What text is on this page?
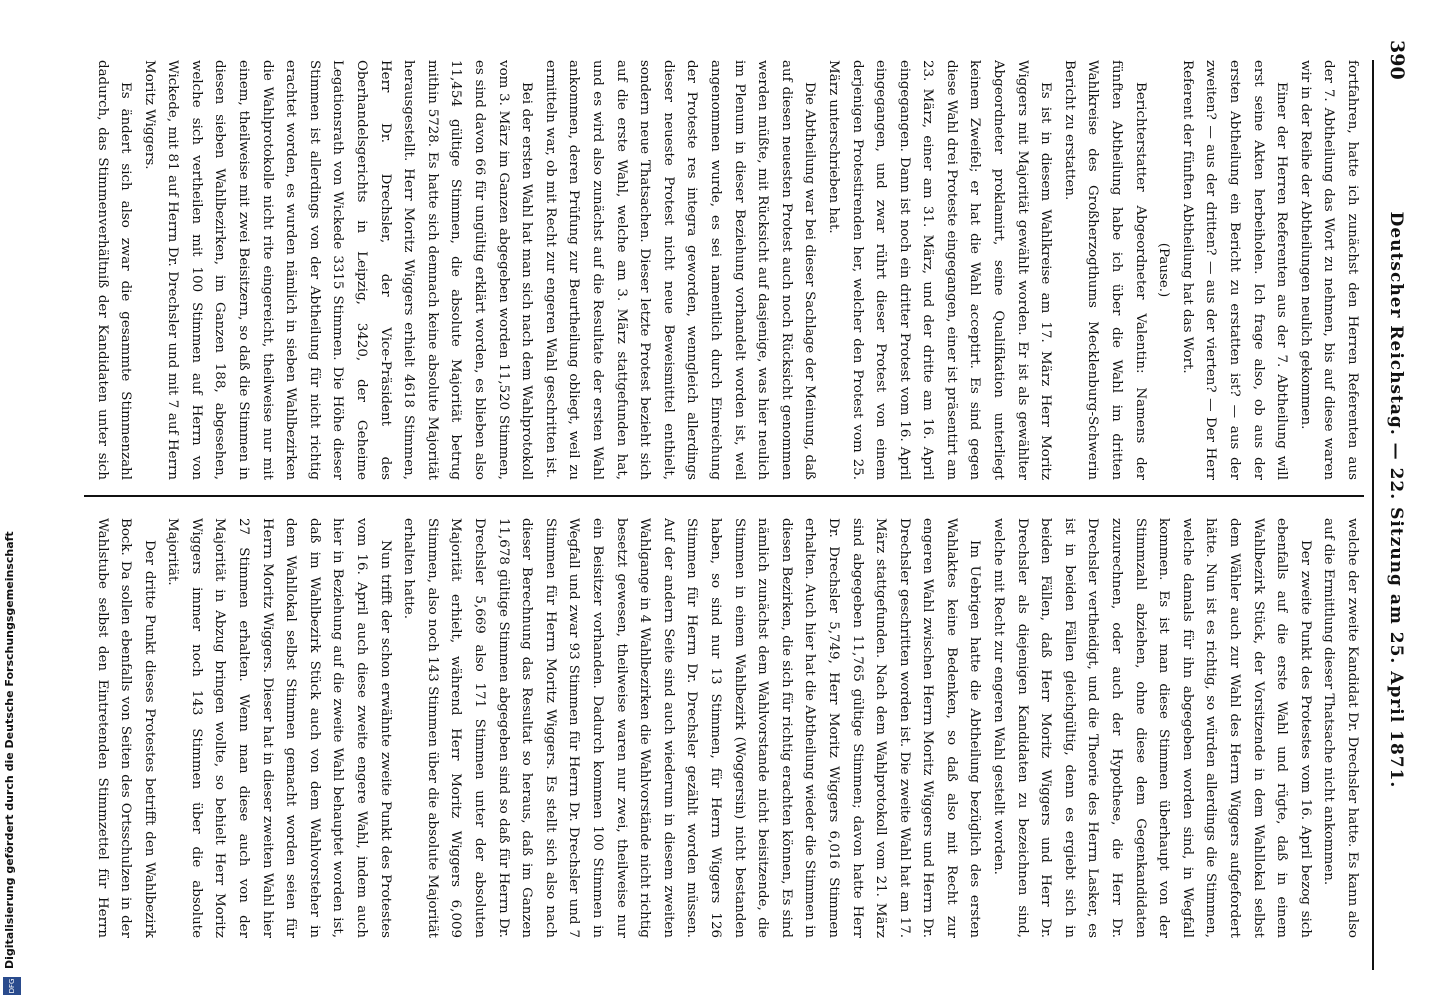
390
Deutscher Reichstag. — 22. Sitzung am 25. April 1871.

fortfahren, hatte ich zunächst den Herren Referenten aus der 7. Abtheilung das Wort zu nehmen, bis auf diese waren wir in der Reihe der Abtheilungen neulich gekommen.

Einer der Herren Referenten aus der 7. Abtheilung will erst seine Akten herbeiholen. Ich frage also, ob aus der ersten Abtheilung ein Bericht zu erstatten ist? — aus der zweiten? — aus der dritten? — aus der vierten? — Der Herr Referent der fünften Abtheilung hat das Wort.

(Pause.)

Berichterstatter Abgeordneter Valentin: Namens der fünften Abtheilung habe ich über die Wahl im dritten Wahlkreise des Großherzogthums Mecklenburg-Schwerin Bericht zu erstatten.

Es ist in diesem Wahlkreise am 17. März Herr Moritz Wiggers mit Majorität gewählt worden. Er ist als gewählter Abgeordneter proklamirt, seine Qualifikation unterliegt keinem Zweifel; er hat die Wahl acceptirt. Es sind gegen diese Wahl drei Proteste eingegangen, einer ist präsentirt am 23. März, einer am 31. März, und der dritte am 16. April eingegangen. Dann ist noch ein dritter Protest vom 16. April eingegangen, und zwar rührt dieser Protest von einem derjenigen Protestirenden her, welcher den Protest vom 25. März unterschrieben hat.

Die Abtheilung war bei dieser Sachlage der Meinung, daß auf diesen neuesten Protest auch noch Rücksicht genommen werden müßte, mit Rücksicht auf dasjenige, was hier neulich im Plenum in dieser Beziehung vorhandelt worden ist, weil angenommen wurde, es sei namentlich durch Einreichung der Proteste res integra geworden, wenngleich allerdings dieser neueste Protest nicht neue Beweismittel enthielt, sondern neue Thatsachen. Dieser letzte Protest bezieht sich auf die erste Wahl, welche am 3. März stattgefunden hat, und es wird also zunächst auf die Resultate der ersten Wahl ankommen, deren Prüfung zur Beurtheilung obliegt, weil zu ermitteln war, ob mit Recht zur engeren Wahl geschritten ist.

Bei der ersten Wahl hat man sich nach dem Wahlprotokoll vom 3. März im Ganzen abgegeben worden 11,520 Stimmen, es sind davon 66 für ungültig erklärt worden, es blieben also 11,454 gültige Stimmen, die absolute Majorität betrug mithin 5728. Es hatte sich demnach keine absolute Majorität herausgestellt. Herr Moritz Wiggers erhielt 4618 Stimmen, Herr Dr. Drechsler, der Vice-Präsident des Oberhandelsgerichts in Leipzig, 3420, der Geheime Legationsrath von Wickede 3315 Stimmen. Die Höhe dieser Stimmen ist allerdings von der Abtheilung für nicht richtig erachtet worden, es wurden nämlich in sieben Wahlbezirken die Wahlprotokolle nicht rite eingereicht, theilweise nur mit einem, theilweise mit zwei Beisitzern, so daß die Stimmen in diesen sieben Wahlbezirken, im Ganzen 188, abgesehen, welche sich vertheilen mit 100 Stimmen auf Herrn von Wickede, mit 81 auf Herrn Dr. Drechsler und mit 7 auf Herrn Moritz Wiggers.

Es ändert sich also zwar die gesammte Stimmenzahl dadurch, das Stimmenverhältniß der Kandidaten unter sich

welche der zweite Kandidat Dr. Drechsler hatte. Es kann also auf die Ermittlung dieser Thatsache nicht ankommen.

Der zweite Punkt des Protestes vom 16. April bezog sich ebenfalls auf die erste Wahl und rügte, daß in einem Wahlbezirk Stück, der Vorsitzende in dem Wahllokal selbst dem Wähler auch zur Wahl des Herrn Wiggers aufgefordert hätte. Nun ist es richtig, so würden allerdings die Stimmen, welche damals für ihn abgegeben worden sind, in Wegfall kommen. Es ist man diese Stimmen überhaupt von der Stimmzahl abziehen, ohne diese dem Gegenkandidaten zuzurechnen, oder auch der Hypothese, die Herr Dr. Drechsler vertheidigt, und die Theorie des Herrn Lasker, es ist in beiden Fällen gleichgültig, denn es ergiebt sich in beiden Fällen, daß Herr Moritz Wiggers und Herr Dr. Drechsler als diejenigen Kandidaten zu bezeichnen sind, welche mit Recht zur engeren Wahl gestellt worden.

Im Uebrigen hatte die Abtheilung bezüglich des ersten Wahlaktes keine Bedenken, so daß also mit Recht zur engeren Wahl zwischen Herrn Moritz Wiggers und Herrn Dr. Drechsler geschritten worden ist. Die zweite Wahl hat am 17. März stattgefunden. Nach dem Wahlprotokoll vom 21. März sind abgegeben 11,765 gültige Stimmen; davon hatte Herr Dr. Drechsler 5,749, Herr Moritz Wiggers 6,016 Stimmen erhalten. Auch hier hat die Abtheilung wieder die Stimmen in diesen Bezirken, die sich für richtig erachten können, Es sind nämlich zunächst dem Wahlvorstande nicht beisitzende, die Stimmen in einem Wahlbezirk (Woggersin) nicht bestanden haben, so sind nur 13 Stimmen, für Herrn Wiggers 126 Stimmen für Herrn Dr. Drechsler gezählt worden müssen. Auf der andern Seite sind auch wiederum in diesem zweiten Wahlgange in 4 Wahlbezirken die Wahlvorstände nicht richtig besetzt gewesen, theilweise waren nur zwei, theilweise nur ein Beisitzer vorhanden. Dadurch kommen 100 Stimmen in Wegfall und zwar 93 Stimmen für Herrn Dr. Drechsler und 7 Stimmen für Herrn Moritz Wiggers. Es stellt sich also nach dieser Berechnung das Resultat so heraus, daß im Ganzen 11,678 gültige Stimmen abgegeben sind so daß für Herrn Dr. Drechsler 5,669 also 171 Stimmen unter der absoluten Majorität erhielt, während Herr Moritz Wiggers 6,009 Stimmen, also noch 143 Stimmen über die absolute Majorität erhalten hatte.

Nun trifft der schon erwähnte zweite Punkt des Protestes vom 16. April auch diese zweite engere Wahl, indem auch hier in Beziehung auf die zweite Wahl behauptet worden ist, daß im Wahlbezirk Stück auch von dem Wahlvorsteher in dem Wahllokal selbst Stimmen gemacht worden seien für Herrn Moritz Wiggers. Dieser hat in dieser zweiten Wahl hier 27 Stimmen erhalten. Wenn man diese auch von der Majorität in Abzug bringen wollte, so behielt Herr Moritz Wiggers immer noch 143 Stimmen über die absolute Majorität.

Der dritte Punkt dieses Protestes betrifft den Wahlbezirk Bock. Da sollen ebenfalls von Seiten des Ortsschulzen in der Wahlstube selbst den Eintretenden Stimmzettel für Herrn

DFG
Digitalisierung gefördert durch die Deutsche Forschungsgemeinschaft
